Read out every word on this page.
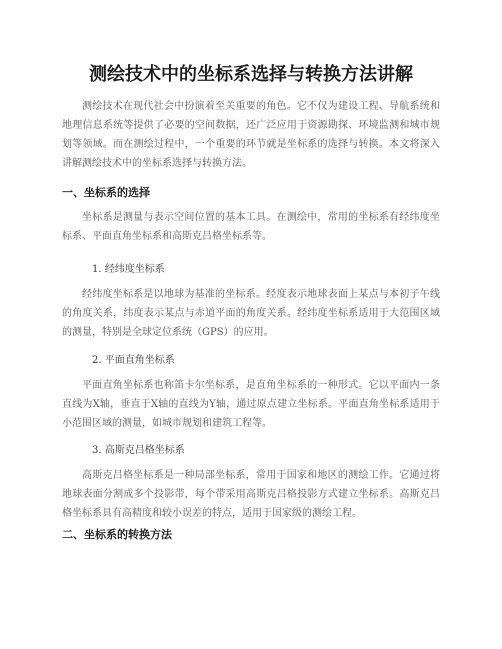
测绘技术中的坐标系选择与转换方法讲解

测绘技术在现代社会中扮演着至关重要的角色。它不仅为建设工程、导航系统和地理信息系统等提供了必要的空间数据，还广泛应用于资源勘探、环境监测和城市规划等领域。而在测绘过程中，一个重要的环节就是坐标系的选择与转换。本文将深入讲解测绘技术中的坐标系选择与转换方法。

一、坐标系的选择

坐标系是测量与表示空间位置的基本工具。在测绘中，常用的坐标系有经纬度坐标系、平面直角坐标系和高斯克吕格坐标系等。

1. 经纬度坐标系

经纬度坐标系是以地球为基准的坐标系。经度表示地球表面上某点与本初子午线的角度关系，纬度表示某点与赤道平面的角度关系。经纬度坐标系适用于大范围区域的测量，特别是全球定位系统（GPS）的应用。

2. 平面直角坐标系

平面直角坐标系也称笛卡尔坐标系，是直角坐标系的一种形式。它以平面内一条直线为X轴，垂直于X轴的直线为Y轴，通过原点建立坐标系。平面直角坐标系适用于小范围区域的测量，如城市规划和建筑工程等。

3. 高斯克吕格坐标系

高斯克吕格坐标系是一种局部坐标系，常用于国家和地区的测绘工作。它通过将地球表面分割成多个投影带，每个带采用高斯克吕格投影方式建立坐标系。高斯克吕格坐标系具有高精度和较小误差的特点，适用于国家级的测绘工程。

二、坐标系的转换方法
